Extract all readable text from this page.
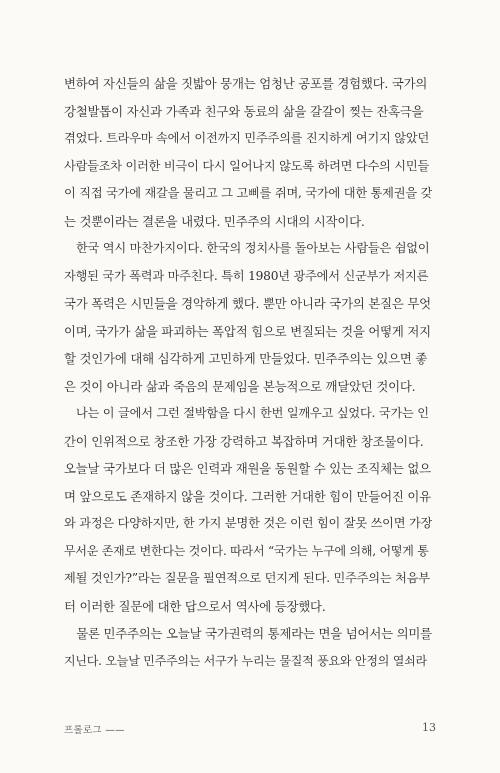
변하여 자신들의 삶을 짓밟아 뭉개는 엄청난 공포를 경험했다. 국가의
강철발톱이 자신과 가족과 친구와 동료의 삶을 갈갈이 찢는 잔혹극을
겪었다. 트라우마 속에서 이전까지 민주주의를 진지하게 여기지 않았던
사람들조차 이러한 비극이 다시 일어나지 않도록 하려면 다수의 시민들
이 직접 국가에 재갈을 물리고 그 고삐를 쥐며, 국가에 대한 통제권을 갖
는 것뿐이라는 결론을 내렸다. 민주주의 시대의 시작이다.
　한국 역시 마찬가지이다. 한국의 정치사를 돌아보는 사람들은 쉼없이
자행된 국가 폭력과 마주친다. 특히 1980년 광주에서 신군부가 저지른
국가 폭력은 시민들을 경악하게 했다. 뿐만 아니라 국가의 본질은 무엇
이며, 국가가 삶을 파괴하는 폭압적 힘으로 변질되는 것을 어떻게 저지
할 것인가에 대해 심각하게 고민하게 만들었다. 민주주의는 있으면 좋
은 것이 아니라 삶과 죽음의 문제임을 본능적으로 깨달았던 것이다.
　나는 이 글에서 그런 절박함을 다시 한번 일깨우고 싶었다. 국가는 인
간이 인위적으로 창조한 가장 강력하고 복잡하며 거대한 창조물이다.
오늘날 국가보다 더 많은 인력과 재원을 동원할 수 있는 조직체는 없으
며 앞으로도 존재하지 않을 것이다. 그러한 거대한 힘이 만들어진 이유
와 과정은 다양하지만, 한 가지 분명한 것은 이런 힘이 잘못 쓰이면 가장
무서운 존재로 변한다는 것이다. 따라서 “국가는 누구에 의해, 어떻게 통
제될 것인가?”라는 질문을 필연적으로 던지게 된다. 민주주의는 처음부
터 이러한 질문에 대한 답으로서 역사에 등장했다.
　물론 민주주의는 오늘날 국가권력의 통제라는 면을 넘어서는 의미를
지닌다. 오늘날 민주주의는 서구가 누리는 물질적 풍요와 안정의 열쇠라
프롤로그 ——	13
